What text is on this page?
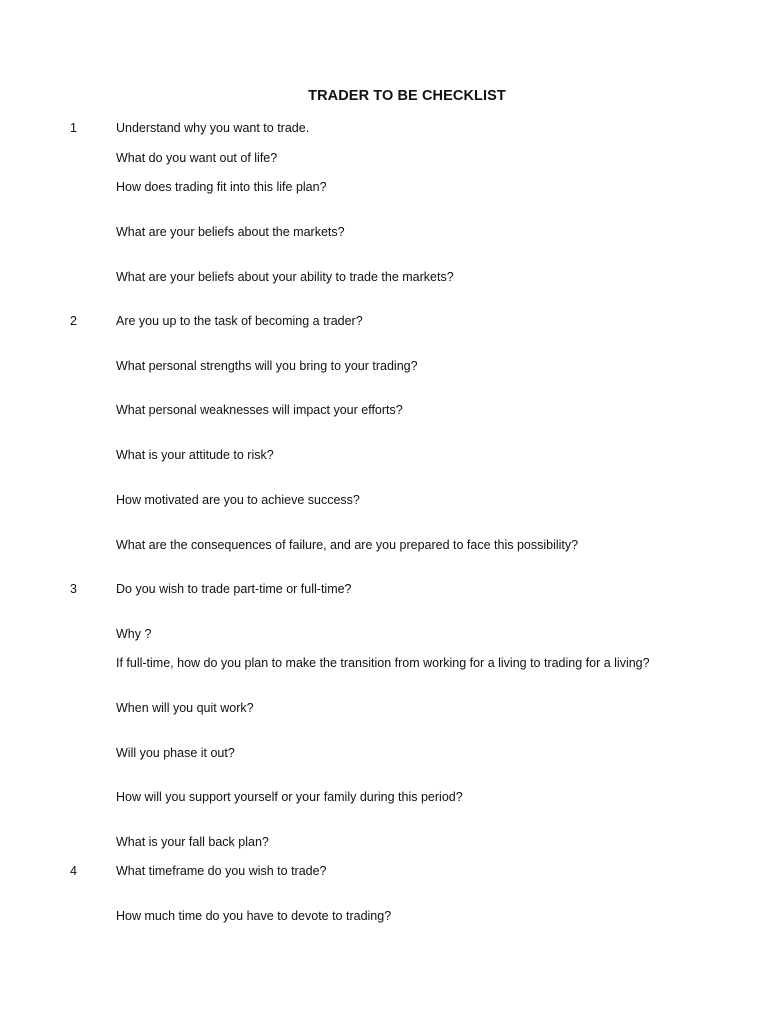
TRADER TO BE CHECKLIST
1	Understand why you want to trade.
What do you want out of life?
How does trading fit into this life plan?
What are your beliefs about the markets?
What are your beliefs about your ability to trade the markets?
2	Are you up to the task of becoming a trader?
What personal strengths will you bring to your trading?
What personal weaknesses will impact your efforts?
What is your attitude to risk?
How motivated are you to achieve success?
What are the consequences of failure, and are you prepared to face this possibility?
3	Do you wish to trade part-time or full-time?
Why ?
If full-time, how do you plan to make the transition from working for a living to trading for a living?
When will you quit work?
Will you phase it out?
How will you support yourself or your family during this period?
What is your fall back plan?
4	What timeframe do you wish to trade?
How much time do you have to devote to trading?
